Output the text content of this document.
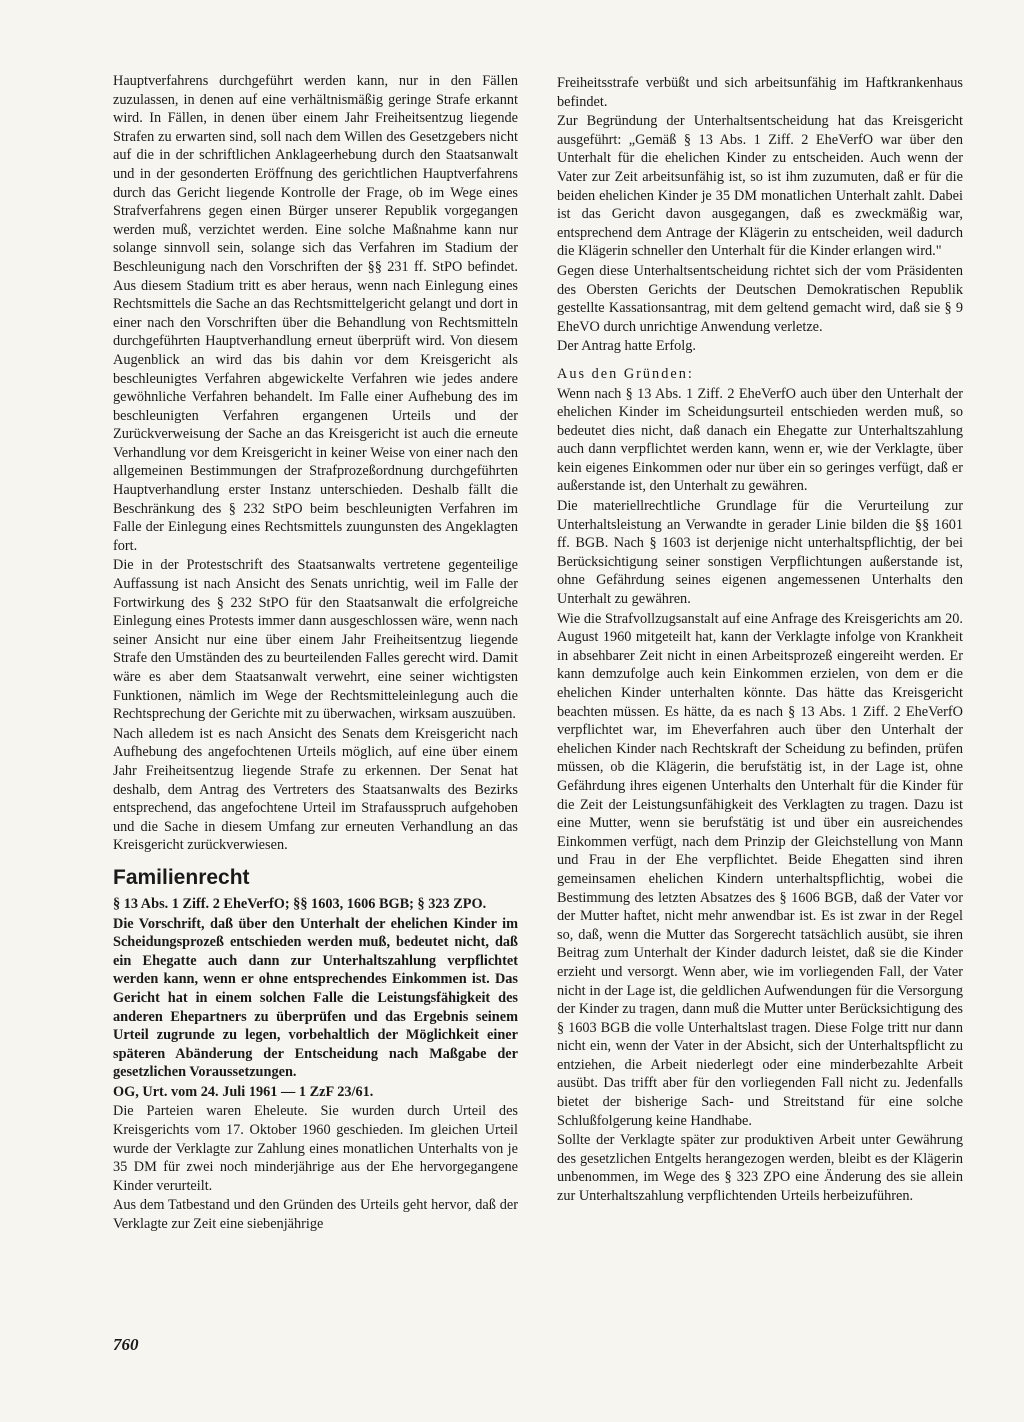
Hauptverfahrens durchgeführt werden kann, nur in den Fällen zuzulassen, in denen auf eine verhältnismäßig geringe Strafe erkannt wird. In Fällen, in denen über einem Jahr Freiheitsentzug liegende Strafen zu erwarten sind, soll nach dem Willen des Gesetzgebers nicht auf die in der schriftlichen Anklageerhebung durch den Staatsanwalt und in der gesonderten Eröffnung des gerichtlichen Hauptverfahrens durch das Gericht liegende Kontrolle der Frage, ob im Wege eines Strafverfahrens gegen einen Bürger unserer Republik vorgegangen werden muß, verzichtet werden. Eine solche Maßnahme kann nur solange sinnvoll sein, solange sich das Verfahren im Stadium der Beschleunigung nach den Vorschriften der §§ 231 ff. StPO befindet. Aus diesem Stadium tritt es aber heraus, wenn nach Einlegung eines Rechtsmittels die Sache an das Rechtsmittelgericht gelangt und dort in einer nach den Vorschriften über die Behandlung von Rechtsmitteln durchgeführten Hauptverhandlung erneut überprüft wird. Von diesem Augenblick an wird das bis dahin vor dem Kreisgericht als beschleunigtes Verfahren abgewickelte Verfahren wie jedes andere gewöhnliche Verfahren behandelt. Im Falle einer Aufhebung des im beschleunigten Verfahren ergangenen Urteils und der Zurückverweisung der Sache an das Kreisgericht ist auch die erneute Verhandlung vor dem Kreisgericht in keiner Weise von einer nach den allgemeinen Bestimmungen der Strafprozeßordnung durchgeführten Hauptverhandlung erster Instanz unterschieden. Deshalb fällt die Beschränkung des § 232 StPO beim beschleunigten Verfahren im Falle der Einlegung eines Rechtsmittels zuungunsten des Angeklagten fort.

Die in der Protestschrift des Staatsanwalts vertretene gegenteilige Auffassung ist nach Ansicht des Senats unrichtig, weil im Falle der Fortwirkung des § 232 StPO für den Staatsanwalt die erfolgreiche Einlegung eines Protests immer dann ausgeschlossen wäre, wenn nach seiner Ansicht nur eine über einem Jahr Freiheitsentzug liegende Strafe den Umständen des zu beurteilenden Falles gerecht wird. Damit wäre es aber dem Staatsanwalt verwehrt, eine seiner wichtigsten Funktionen, nämlich im Wege der Rechtsmitteleinlegung auch die Rechtsprechung der Gerichte mit zu überwachen, wirksam auszuüben.

Nach alledem ist es nach Ansicht des Senats dem Kreisgericht nach Aufhebung des angefochtenen Urteils möglich, auf eine über einem Jahr Freiheitsentzug liegende Strafe zu erkennen. Der Senat hat deshalb, dem Antrag des Vertreters des Staatsanwalts des Bezirks entsprechend, das angefochtene Urteil im Strafausspruch aufgehoben und die Sache in diesem Umfang zur erneuten Verhandlung an das Kreisgericht zurückverwiesen.

Familienrecht

§ 13 Abs. 1 Ziff. 2 EheVerfO; §§ 1603, 1606 BGB; § 323 ZPO.

Die Vorschrift, daß über den Unterhalt der ehelichen Kinder im Scheidungsprozeß entschieden werden muß, bedeutet nicht, daß ein Ehegatte auch dann zur Unterhaltszahlung verpflichtet werden kann, wenn er ohne entsprechendes Einkommen ist. Das Gericht hat in einem solchen Falle die Leistungsfähigkeit des anderen Ehepartners zu überprüfen und das Ergebnis seinem Urteil zugrunde zu legen, vorbehaltlich der Möglichkeit einer späteren Abänderung der Entscheidung nach Maßgabe der gesetzlichen Voraussetzungen.

OG, Urt. vom 24. Juli 1961 — 1 ZzF 23/61.

Die Parteien waren Eheleute. Sie wurden durch Urteil des Kreisgerichts vom 17. Oktober 1960 geschieden. Im gleichen Urteil wurde der Verklagte zur Zahlung eines monatlichen Unterhalts von je 35 DM für zwei noch minderjährige aus der Ehe hervorgegangene Kinder verurteilt.

Aus dem Tatbestand und den Gründen des Urteils geht hervor, daß der Verklagte zur Zeit eine siebenjährige

Freiheitsstrafe verbüßt und sich arbeitsunfähig im Haftkrankenhaus befindet.

Zur Begründung der Unterhaltsentscheidung hat das Kreisgericht ausgeführt: „Gemäß § 13 Abs. 1 Ziff. 2 EheVerfO war über den Unterhalt für die ehelichen Kinder zu entscheiden. Auch wenn der Vater zur Zeit arbeitsunfähig ist, so ist ihm zuzumuten, daß er für die beiden ehelichen Kinder je 35 DM monatlichen Unterhalt zahlt. Dabei ist das Gericht davon ausgegangen, daß es zweckmäßig war, entsprechend dem Antrage der Klägerin zu entscheiden, weil dadurch die Klägerin schneller den Unterhalt für die Kinder erlangen wird."

Gegen diese Unterhaltsentscheidung richtet sich der vom Präsidenten des Obersten Gerichts der Deutschen Demokratischen Republik gestellte Kassationsantrag, mit dem geltend gemacht wird, daß sie § 9 EheVO durch unrichtige Anwendung verletze.

Der Antrag hatte Erfolg.

Aus den Gründen:

Wenn nach § 13 Abs. 1 Ziff. 2 EheVerfO auch über den Unterhalt der ehelichen Kinder im Scheidungsurteil entschieden werden muß, so bedeutet dies nicht, daß danach ein Ehegatte zur Unterhaltszahlung auch dann verpflichtet werden kann, wenn er, wie der Verklagte, über kein eigenes Einkommen oder nur über ein so geringes verfügt, daß er außerstande ist, den Unterhalt zu gewähren.

Die materiellrechtliche Grundlage für die Verurteilung zur Unterhaltsleistung an Verwandte in gerader Linie bilden die §§ 1601 ff. BGB. Nach § 1603 ist derjenige nicht unterhaltspflichtig, der bei Berücksichtigung seiner sonstigen Verpflichtungen außerstande ist, ohne Gefährdung seines eigenen angemessenen Unterhalts den Unterhalt zu gewähren.

Wie die Strafvollzugsanstalt auf eine Anfrage des Kreisgerichts am 20. August 1960 mitgeteilt hat, kann der Verklagte infolge von Krankheit in absehbarer Zeit nicht in einen Arbeitsprozeß eingereiht werden. Er kann demzufolge auch kein Einkommen erzielen, von dem er die ehelichen Kinder unterhalten könnte. Das hätte das Kreisgericht beachten müssen. Es hätte, da es nach § 13 Abs. 1 Ziff. 2 EheVerfO verpflichtet war, im Eheverfahren auch über den Unterhalt der ehelichen Kinder nach Rechtskraft der Scheidung zu befinden, prüfen müssen, ob die Klägerin, die berufstätig ist, in der Lage ist, ohne Gefährdung ihres eigenen Unterhalts den Unterhalt für die Kinder für die Zeit der Leistungsunfähigkeit des Verklagten zu tragen. Dazu ist eine Mutter, wenn sie berufstätig ist und über ein ausreichendes Einkommen verfügt, nach dem Prinzip der Gleichstellung von Mann und Frau in der Ehe verpflichtet. Beide Ehegatten sind ihren gemeinsamen ehelichen Kindern unterhaltspflichtig, wobei die Bestimmung des letzten Absatzes des § 1606 BGB, daß der Vater vor der Mutter haftet, nicht mehr anwendbar ist. Es ist zwar in der Regel so, daß, wenn die Mutter das Sorgerecht tatsächlich ausübt, sie ihren Beitrag zum Unterhalt der Kinder dadurch leistet, daß sie die Kinder erzieht und versorgt. Wenn aber, wie im vorliegenden Fall, der Vater nicht in der Lage ist, die geldlichen Aufwendungen für die Versorgung der Kinder zu tragen, dann muß die Mutter unter Berücksichtigung des § 1603 BGB die volle Unterhaltslast tragen. Diese Folge tritt nur dann nicht ein, wenn der Vater in der Absicht, sich der Unterhaltspflicht zu entziehen, die Arbeit niederlegt oder eine minderbezahlte Arbeit ausübt. Das trifft aber für den vorliegenden Fall nicht zu. Jedenfalls bietet der bisherige Sach- und Streitstand für eine solche Schlußfolgerung keine Handhabe.

Sollte der Verklagte später zur produktiven Arbeit unter Gewährung des gesetzlichen Entgelts herangezogen werden, bleibt es der Klägerin unbenommen, im Wege des § 323 ZPO eine Änderung des sie allein zur Unterhaltszahlung verpflichtenden Urteils herbeizuführen.

760
